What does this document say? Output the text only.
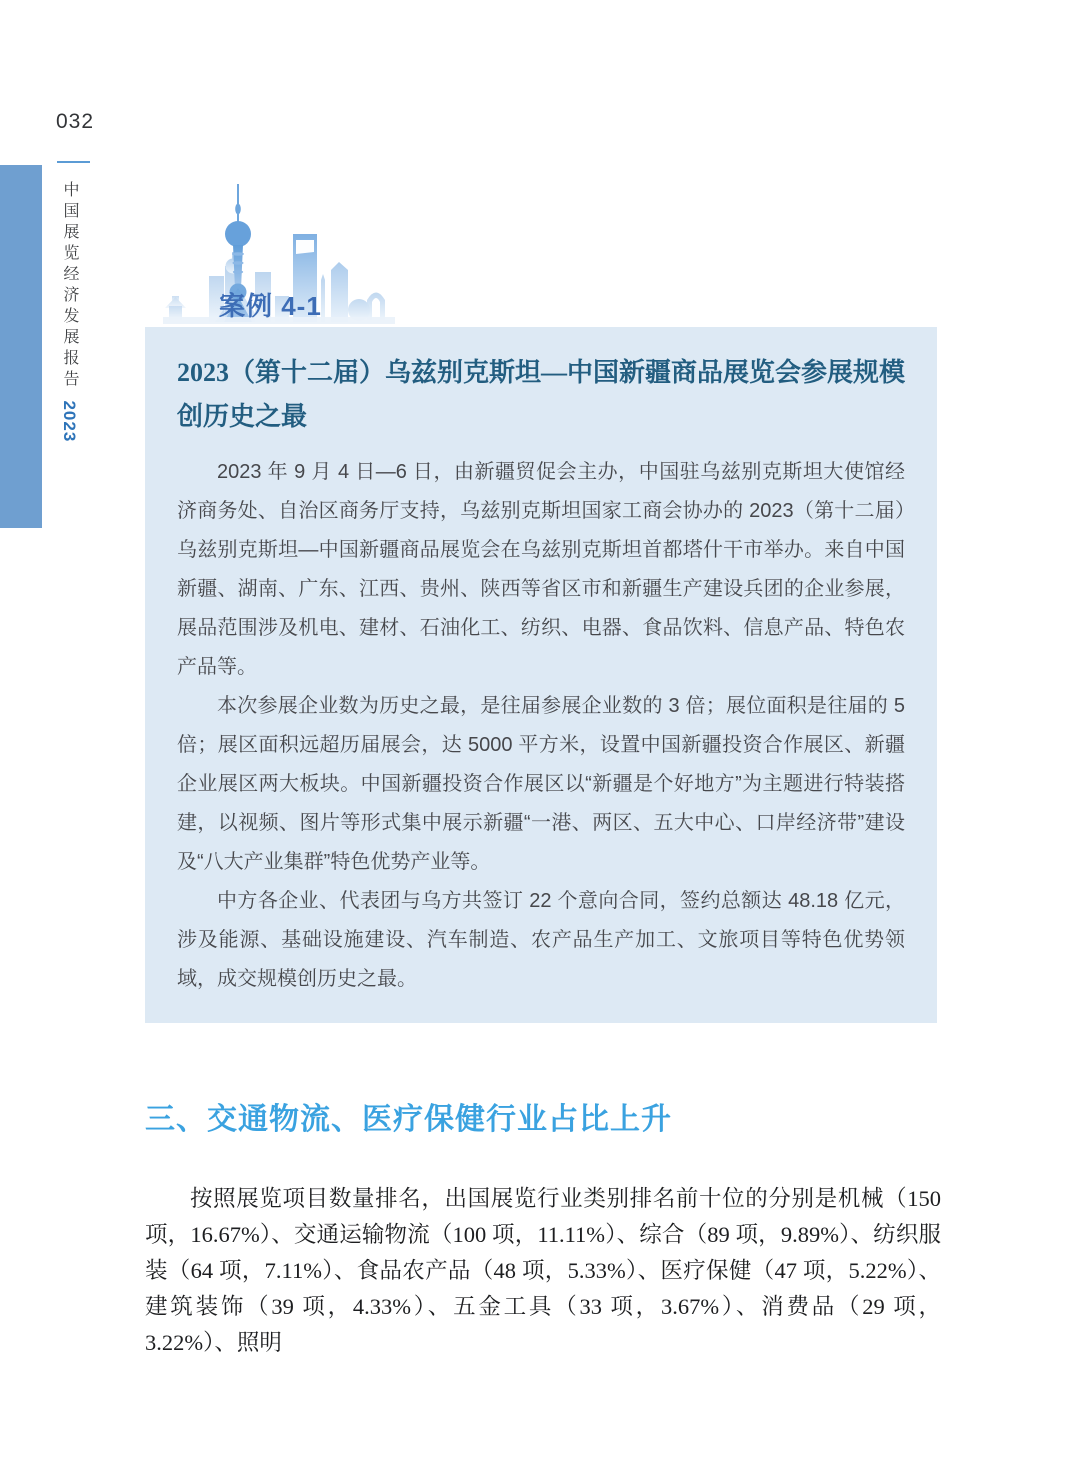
032
中国展览经济发展报告 2023
案例 4-1
2023（第十二届）乌兹别克斯坦—中国新疆商品展览会参展规模创历史之最

2023 年 9 月 4 日—6 日，由新疆贸促会主办，中国驻乌兹别克斯坦大使馆经济商务处、自治区商务厅支持，乌兹别克斯坦国家工商会协办的 2023（第十二届）乌兹别克斯坦—中国新疆商品展览会在乌兹别克斯坦首都塔什干市举办。来自中国新疆、湖南、广东、江西、贵州、陕西等省区市和新疆生产建设兵团的企业参展，展品范围涉及机电、建材、石油化工、纺织、电器、食品饮料、信息产品、特色农产品等。

本次参展企业数为历史之最，是往届参展企业数的 3 倍；展位面积是往届的 5 倍；展区面积远超历届展会，达 5000 平方米，设置中国新疆投资合作展区、新疆企业展区两大板块。中国新疆投资合作展区以“新疆是个好地方”为主题进行特装搭建，以视频、图片等形式集中展示新疆“一港、两区、五大中心、口岸经济带”建设及“八大产业集群”特色优势产业等。

中方各企业、代表团与乌方共签订 22 个意向合同，签约总额达 48.18 亿元，涉及能源、基础设施建设、汽车制造、农产品生产加工、文旅项目等特色优势领域，成交规模创历史之最。

三、交通物流、医疗保健行业占比上升

按照展览项目数量排名，出国展览行业类别排名前十位的分别是机械（150 项，16.67%）、交通运输物流（100 项，11.11%）、综合（89 项，9.89%）、纺织服装（64 项，7.11%）、食品农产品（48 项，5.33%）、医疗保健（47 项，5.22%）、建筑装饰（39 项，4.33%）、五金工具（33 项，3.67%）、消费品（29 项，3.22%）、照明
